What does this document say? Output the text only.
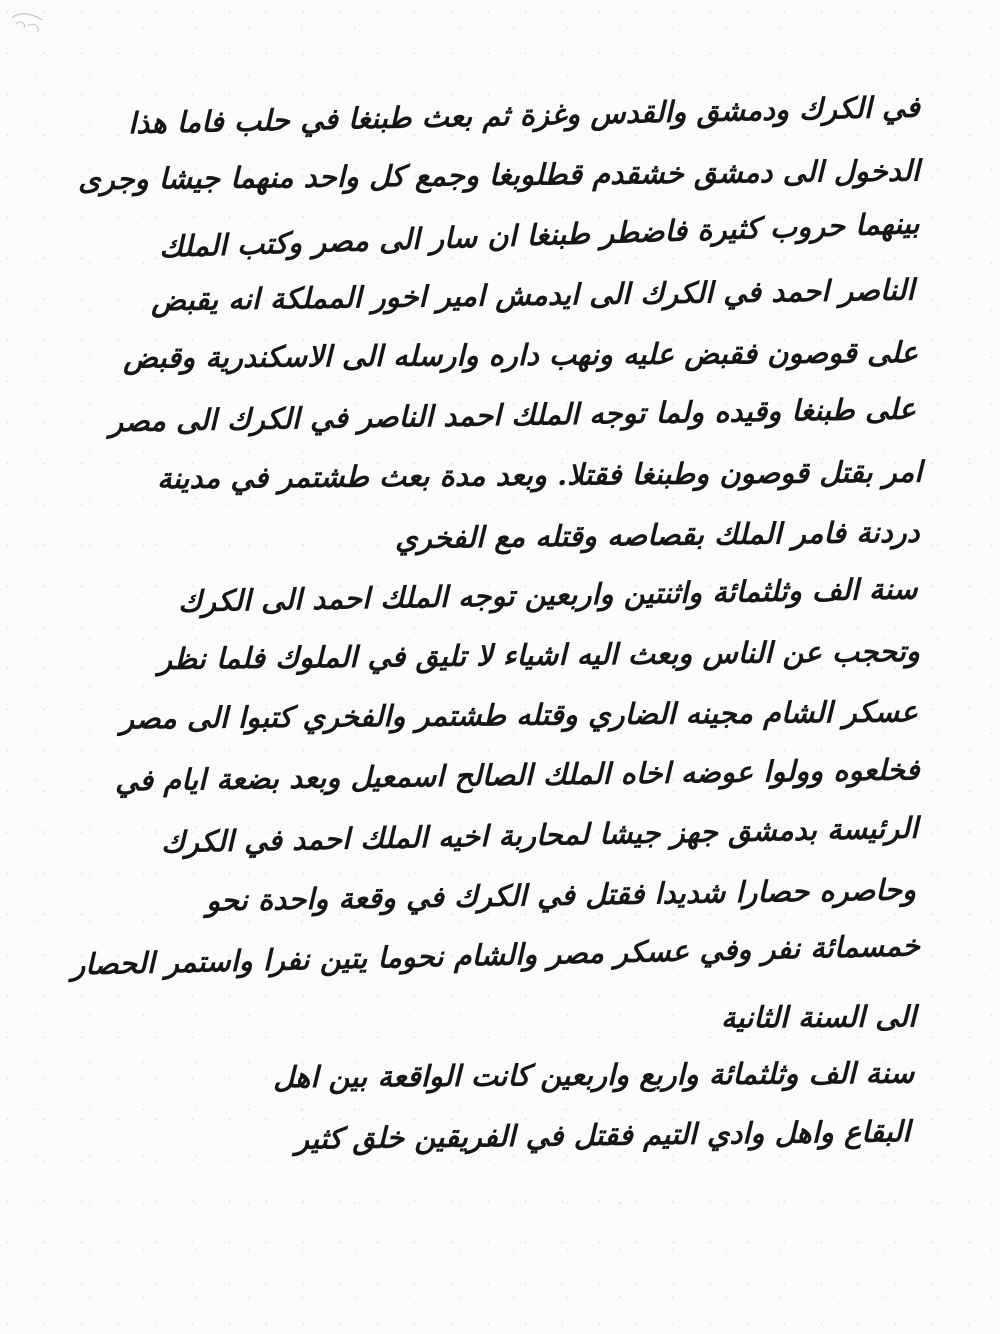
في الكرك ودمشق والقدس وغزة ثم بعث طبنغا في حلب فاما هذا
الدخول الى دمشق خشقدم قطلوبغا وجمع كل واحد منهما جيشا وجرى
بينهما حروب كثيرة فاضطر طبنغا ان سار الى مصر وكتب الملك
الناصر احمد في الكرك الى ايدمش امير اخور المملكة انه يقبض
على قوصون فقبض عليه ونهب داره وارسله الى الاسكندرية وقبض
على طبنغا وقيده ولما توجه الملك احمد الناصر في الكرك الى مصر
امر بقتل قوصون وطبنغا فقتلا. وبعد مدة بعث طشتمر في مدينة
دردنة فامر الملك بقصاصه وقتله مع الفخري
سنة الف وثلثمائة واثنتين واربعين توجه الملك احمد الى الكرك
وتحجب عن الناس وبعث اليه اشياء لا تليق في الملوك فلما نظر
عسكر الشام مجينه الضاري وقتله طشتمر والفخري كتبوا الى مصر
فخلعوه وولوا عوضه اخاه الملك الصالح اسمعيل وبعد بضعة ايام في
الرئيسة بدمشق جهز جيشا لمحاربة اخيه الملك احمد في الكرك
وحاصره حصارا شديدا فقتل في الكرك في وقعة واحدة نحو
خمسمائة نفر وفي عسكر مصر والشام نحوما يتين نفرا واستمر الحصار
الى السنة الثانية
سنة الف وثلثمائة واربع واربعين كانت الواقعة بين اهل
البقاع واهل وادي التيم فقتل في الفريقين خلق كثير
